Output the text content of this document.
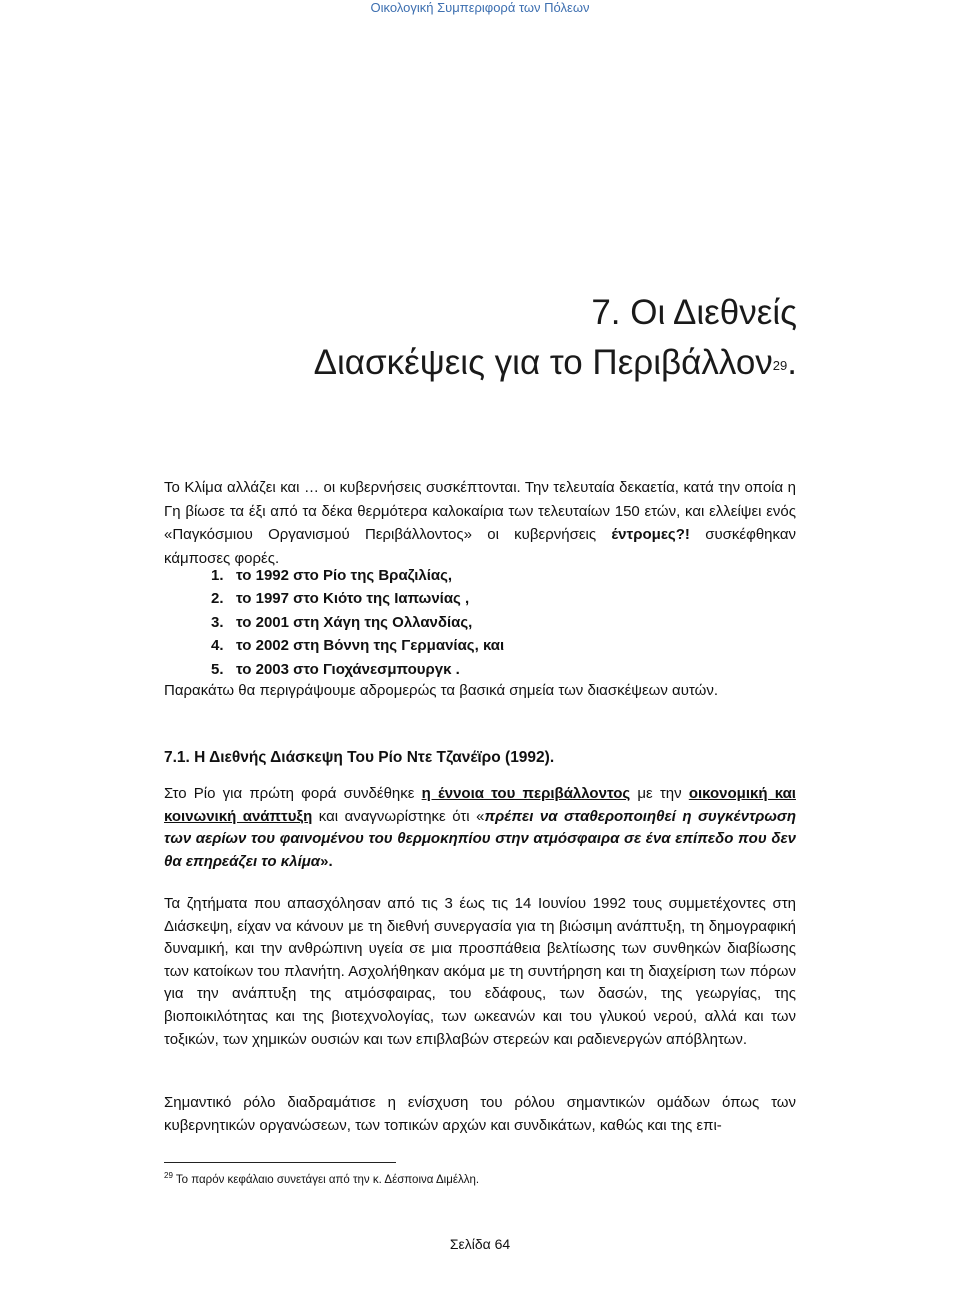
Οικολογική Συμπεριφορά των Πόλεων
7. Οι Διεθνείς
Διασκέψεις για το Περιβάλλον$^{29}$.

Το Κλίμα αλλάζει και … οι κυβερνήσεις συσκέπτονται. Την τελευταία δεκαετία, κατά την οποία η Γη βίωσε τα έξι από τα δέκα θερμότερα καλοκαίρια των τελευταίων 150 ετών, και ελλείψει ενός «Παγκόσμιου Οργανισμού Περιβάλλοντος» οι κυβερνήσεις έντρομες?! συσκέφθηκαν κάμποσες φορές.

1. το 1992 στο Ρίο της Βραζιλίας,
2. το 1997 στο Κιότο της Ιαπωνίας ,
3. το 2001 στη Χάγη της Ολλανδίας,
4. το 2002 στη Βόννη της Γερμανίας, και
5. το 2003 στο Γιοχάνεσμπουργκ .
Παρακάτω θα περιγράψουμε αδρομερώς τα βασικά σημεία των διασκέψεων αυτών.
7.1. Η Διεθνής Διάσκεψη Του Ρίο Ντε Τζανέϊρο (1992).

Στο Ρίο για πρώτη φορά συνδέθηκε η έννοια του περιβάλλοντος με την οικονομική και κοινωνική ανάπτυξη και αναγνωρίστηκε ότι «πρέπει να σταθεροποιηθεί η συγκέντρωση των αερίων του φαινομένου του θερμοκηπίου στην ατμόσφαιρα σε ένα επίπεδο που δεν θα επηρεάζει το κλίμα».

Τα ζητήματα που απασχόλησαν από τις 3 έως τις 14 Ιουνίου 1992 τους συμμετέχοντες στη Διάσκεψη, είχαν να κάνουν με τη διεθνή συνεργασία για τη βιώσιμη ανάπτυξη, τη δημογραφική δυναμική, και την ανθρώπινη υγεία σε μια προσπάθεια βελτίωσης των συνθηκών διαβίωσης των κατοίκων του πλανήτη. Ασχολήθηκαν ακόμα με τη συντήρηση και τη διαχείριση των πόρων για την ανάπτυξη της ατμόσφαιρας, του εδάφους, των δασών, της γεωργίας, της βιοποικιλότητας και της βιοτεχνολογίας, των ωκεανών και του γλυκού νερού, αλλά και των τοξικών, των χημικών ουσιών και των επιβλαβών στερεών και ραδιενεργών απόβλητων.

Σημαντικό ρόλο διαδραμάτισε η ενίσχυση του ρόλου σημαντικών ομάδων όπως των κυβερνητικών οργανώσεων, των τοπικών αρχών και συνδικάτων, καθώς και της επι-

$^{29}$ Το παρόν κεφάλαιο συνετάγει από την κ. Δέσποινα Διμέλλη.
Σελίδα 64
